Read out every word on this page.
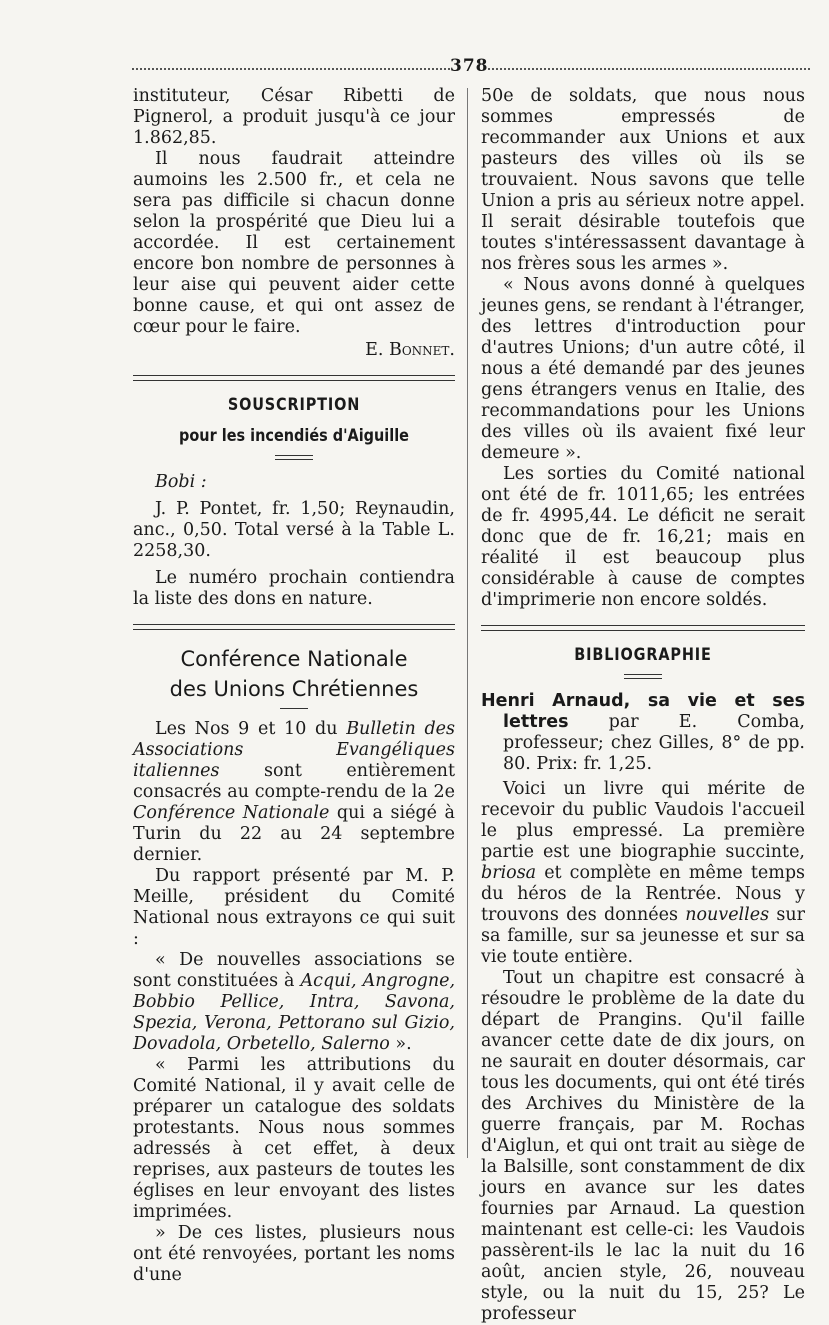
378

instituteur, César Ribetti de Pignerol, a produit jusqu'à ce jour 1.862,85.

Il nous faudrait atteindre aumoins les 2.500 fr., et cela ne sera pas difficile si chacun donne selon la prospérité que Dieu lui a accordée. Il est certainement encore bon nombre de personnes à leur aise qui peuvent aider cette bonne cause, et qui ont assez de cœur pour le faire.

E. Bonnet.

SOUSCRIPTION
pour les incendiés d'Aiguille

Bobi :

J. P. Pontet, fr. 1,50; Reynaudin, anc., 0,50. Total versé à la Table L. 2258,30.

Le numéro prochain contiendra la liste des dons en nature.

Conférence Nationale
des Unions Chrétiennes

Les Nos 9 et 10 du Bulletin des Associations Evangéliques italiennes sont entièrement consacrés au compte-rendu de la 2e Conférence Nationale qui a siégé à Turin du 22 au 24 septembre dernier.

Du rapport présenté par M. P. Meille, président du Comité National nous extrayons ce qui suit :

« De nouvelles associations se sont constituées à Acqui, Angrogne, Bobbio Pellice, Intra, Savona, Spezia, Verona, Pettorano sul Gizio, Dovadola, Orbetello, Salerno ».

« Parmi les attributions du Comité National, il y avait celle de préparer un catalogue des soldats protestants. Nous nous sommes adressés à cet effet, à deux reprises, aux pasteurs de toutes les églises en leur envoyant des listes imprimées.

» De ces listes, plusieurs nous ont été renvoyées, portant les noms d'une

50e de soldats, que nous nous sommes empressés de recommander aux Unions et aux pasteurs des villes où ils se trouvaient. Nous savons que telle Union a pris au sérieux notre appel. Il serait désirable toutefois que toutes s'intéressassent davantage à nos frères sous les armes ».

« Nous avons donné à quelques jeunes gens, se rendant à l'étranger, des lettres d'introduction pour d'autres Unions; d'un autre côté, il nous a été demandé par des jeunes gens étrangers venus en Italie, des recommandations pour les Unions des villes où ils avaient fixé leur demeure ».

Les sorties du Comité national ont été de fr. 1011,65; les entrées de fr. 4995,44. Le déficit ne serait donc que de fr. 16,21; mais en réalité il est beaucoup plus considérable à cause de comptes d'imprimerie non encore soldés.

BIBLIOGRAPHIE

Henri Arnaud, sa vie et ses lettres par E. Comba, professeur; chez Gilles, 8° de pp. 80. Prix: fr. 1,25.

Voici un livre qui mérite de recevoir du public Vaudois l'accueil le plus empressé. La première partie est une biographie succinte, briosa et complète en même temps du héros de la Rentrée. Nous y trouvons des données nouvelles sur sa famille, sur sa jeunesse et sur sa vie toute entière.

Tout un chapitre est consacré à résoudre le problème de la date du départ de Prangins. Qu'il faille avancer cette date de dix jours, on ne saurait en douter désormais, car tous les documents, qui ont été tirés des Archives du Ministère de la guerre français, par M. Rochas d'Aiglun, et qui ont trait au siège de la Balsille, sont constamment de dix jours en avance sur les dates fournies par Arnaud. La question maintenant est celle-ci: les Vaudois passèrent-ils le lac la nuit du 16 août, ancien style, 26, nouveau style, ou la nuit du 15, 25? Le professeur
